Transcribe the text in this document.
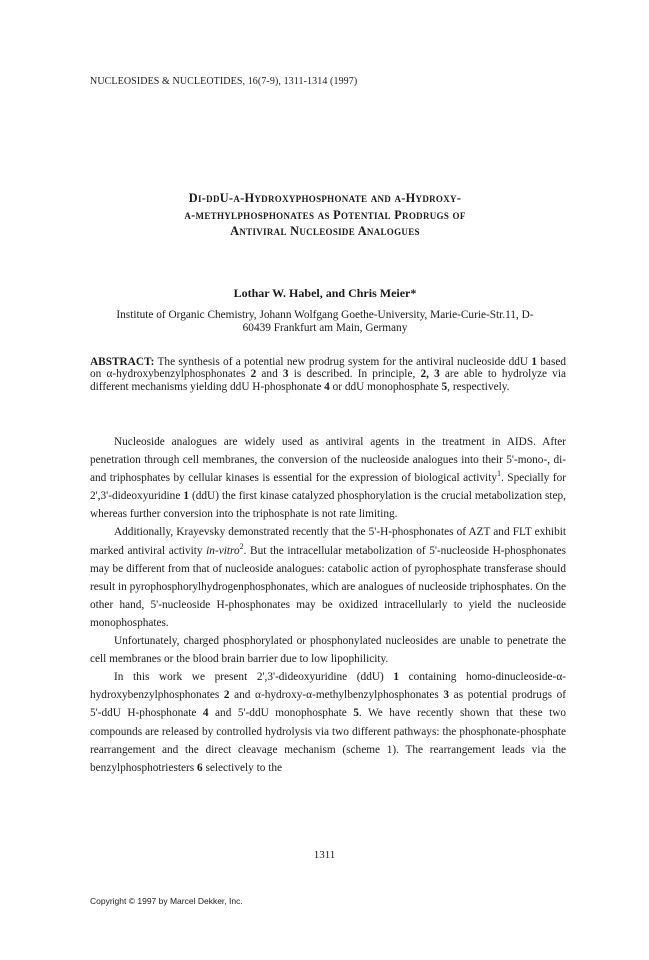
NUCLEOSIDES & NUCLEOTIDES, 16(7-9), 1311-1314 (1997)
Di-ddU-α-Hydroxyphosphonate and α-Hydroxy-
α-methylphosphonates as Potential Prodrugs of
Antiviral Nucleoside Analogues
Lothar W. Habel, and Chris Meier*
Institute of Organic Chemistry, Johann Wolfgang Goethe-University, Marie-Curie-Str.11, D-
60439 Frankfurt am Main, Germany
ABSTRACT: The synthesis of a potential new prodrug system for the antiviral nucleoside ddU 1 based on α-hydroxybenzylphosphonates 2 and 3 is described. In principle, 2, 3 are able to hydrolyze via different mechanisms yielding ddU H-phosphonate 4 or ddU monophosphate 5, respectively.

Nucleoside analogues are widely used as antiviral agents in the treatment in AIDS. After penetration through cell membranes, the conversion of the nucleoside analogues into their 5'-mono-, di- and triphosphates by cellular kinases is essential for the expression of biological activity$^1$. Specially for 2',3'-dideoxyuridine 1 (ddU) the first kinase catalyzed phosphorylation is the crucial metabolization step, whereas further conversion into the triphosphate is not rate limiting.

Additionally, Krayevsky demonstrated recently that the 5'-H-phosphonates of AZT and FLT exhibit marked antiviral activity in-vitro$^2$. But the intracellular metabolization of 5'-nucleoside H-phosphonates may be different from that of nucleoside analogues: catabolic action of pyrophosphate transferase should result in pyrophosphorylhydrogenphosphonates, which are analogues of nucleoside triphosphates. On the other hand, 5'-nucleoside H-phosphonates may be oxidized intracellularly to yield the nucleoside monophosphates.

Unfortunately, charged phosphorylated or phosphonylated nucleosides are unable to penetrate the cell membranes or the blood brain barrier due to low lipophilicity.

In this work we present 2',3'-dideoxyuridine (ddU) 1 containing homo-dinucleoside-α-hydroxybenzylphosphonates 2 and α-hydroxy-α-methylbenzylphosphonates 3 as potential prodrugs of 5'-ddU H-phosphonate 4 and 5'-ddU monophosphate 5. We have recently shown that these two compounds are released by controlled hydrolysis via two different pathways: the phosphonate-phosphate rearrangement and the direct cleavage mechanism (scheme 1). The rearrangement leads via the benzylphosphotriesters 6 selectively to the

1311
Copyright © 1997 by Marcel Dekker, Inc.
